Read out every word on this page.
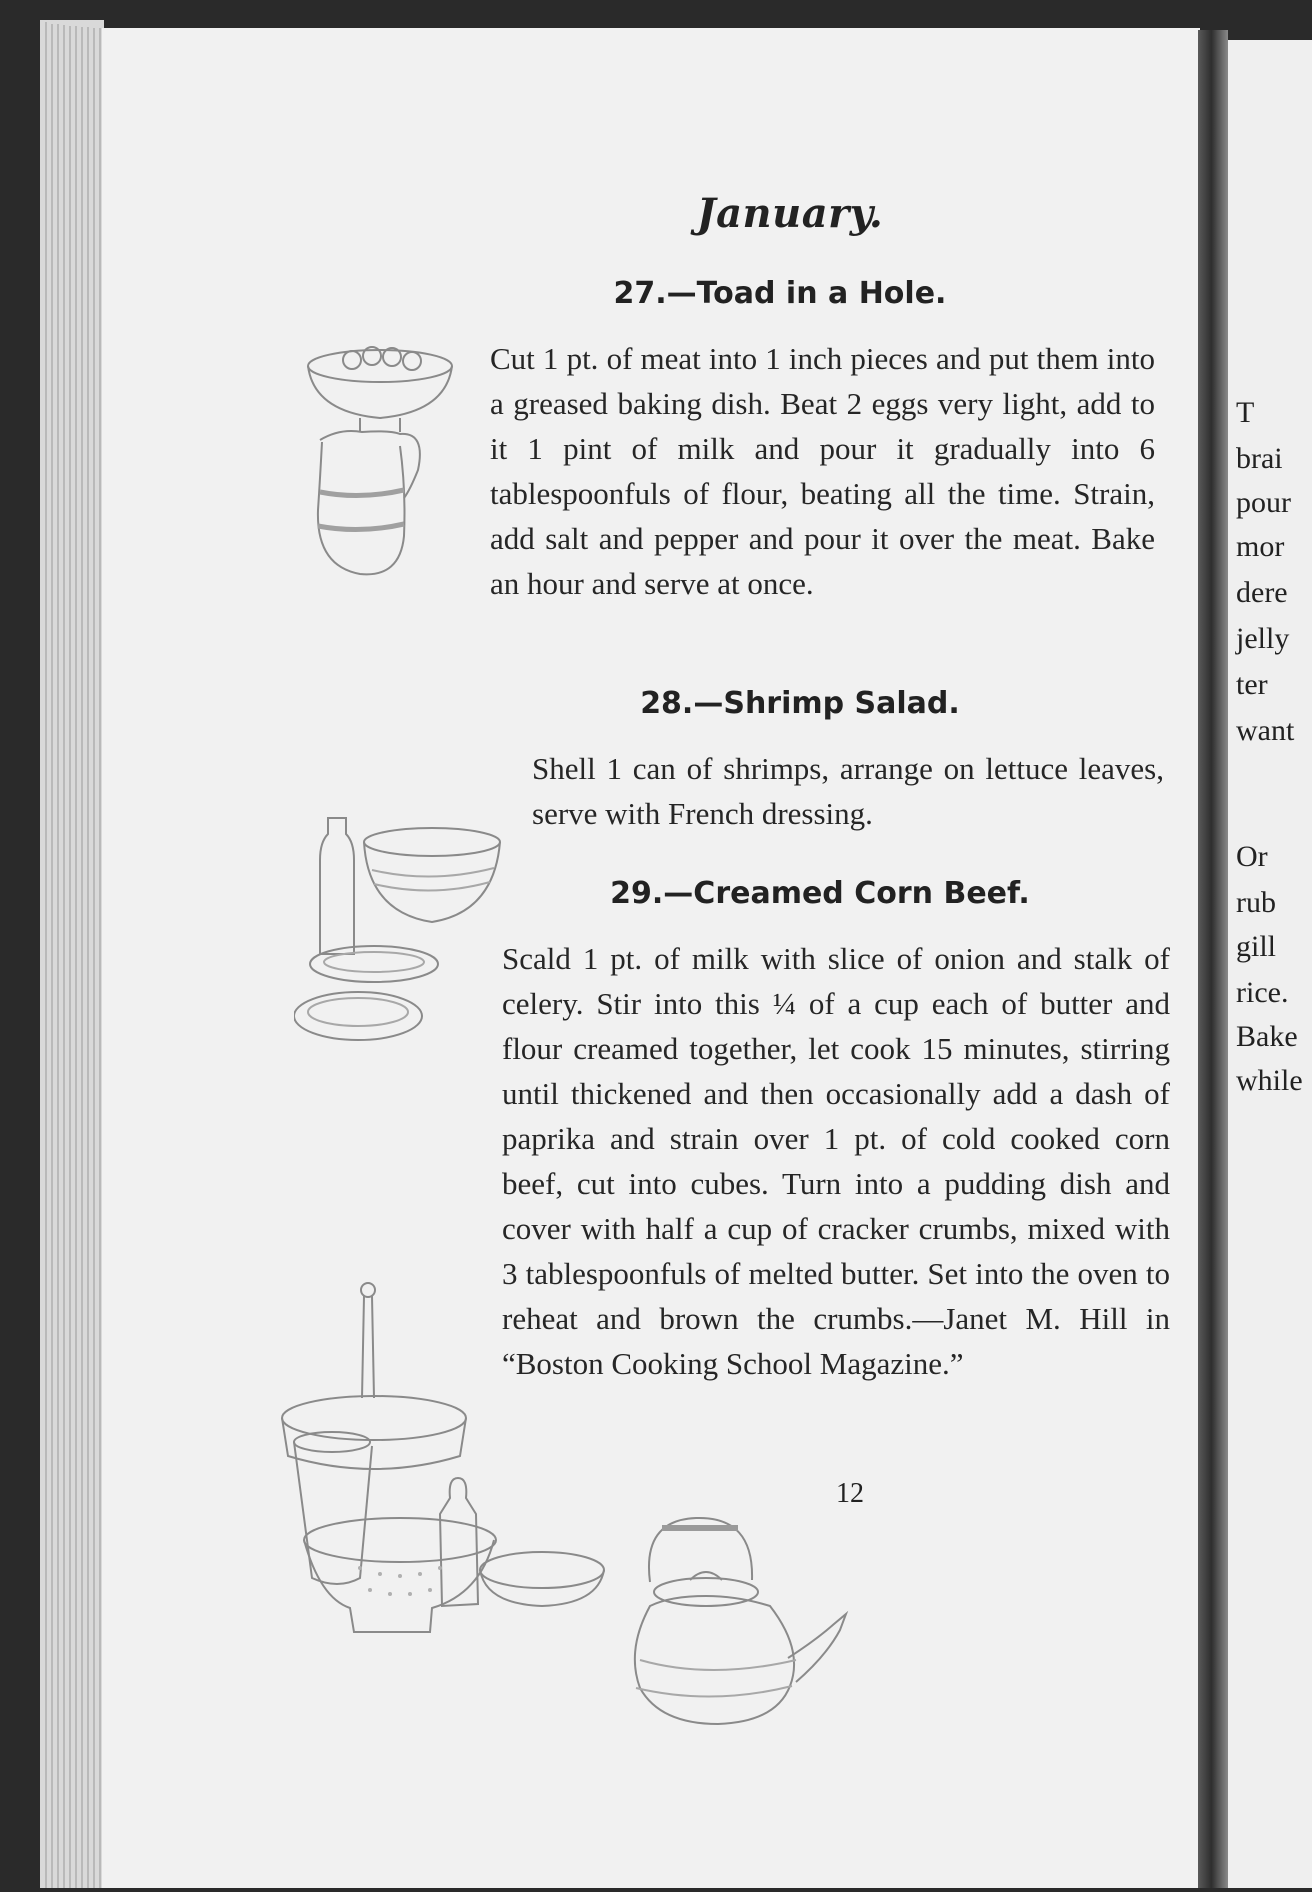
T
brai
pour
mor
dere
jelly
ter
want
Or
rub
gill
rice.
Bake
while
January.
27.—Toad in a Hole.
Cut 1 pt. of meat into 1 inch pieces and put them into a greased baking dish. Beat 2 eggs very light, add to it 1 pint of milk and pour it gradually into 6 tablespoonfuls of flour, beating all the time. Strain, add salt and pepper and pour it over the meat. Bake an hour and serve at once.
28.—Shrimp Salad.
Shell 1 can of shrimps, arrange on lettuce leaves, serve with French dressing.
29.—Creamed Corn Beef.
Scald 1 pt. of milk with slice of onion and stalk of celery. Stir into this ¼ of a cup each of butter and flour creamed together, let cook 15 minutes, stirring until thickened and then occasionally add a dash of paprika and strain over 1 pt. of cold cooked corn beef, cut into cubes. Turn into a pudding dish and cover with half a cup of cracker crumbs, mixed with 3 tablespoonfuls of melted butter. Set into the oven to reheat and brown the crumbs.—Janet M. Hill in “Boston Cooking School Magazine.”
12
